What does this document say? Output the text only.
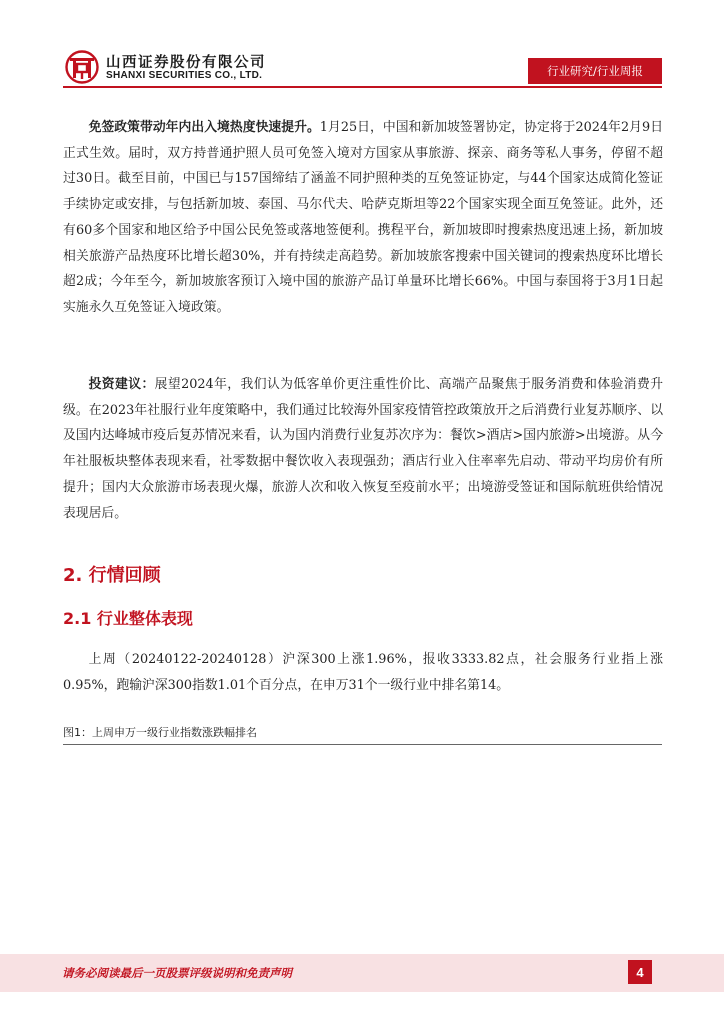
山西证券股份有限公司
SHANXI SECURITIES CO., LTD.	行业研究/行业周报
免签政策带动年内出入境热度快速提升。1月25日，中国和新加坡签署协定，协定将于2024年2月9日正式生效。届时，双方持普通护照人员可免签入境对方国家从事旅游、探亲、商务等私人事务，停留不超过30日。截至目前，中国已与157国缔结了涵盖不同护照种类的互免签证协定，与44个国家达成简化签证手续协定或安排，与包括新加坡、泰国、马尔代夫、哈萨克斯坦等22个国家实现全面互免签证。此外，还有60多个国家和地区给予中国公民免签或落地签便利。携程平台，新加坡即时搜索热度迅速上扬，新加坡相关旅游产品热度环比增长超30%，并有持续走高趋势。新加坡旅客搜索中国关键词的搜索热度环比增长超2成；今年至今，新加坡旅客预订入境中国的旅游产品订单量环比增长66%。中国与泰国将于3月1日起实施永久互免签证入境政策。
投资建议：展望2024年，我们认为低客单价更注重性价比、高端产品聚焦于服务消费和体验消费升级。在2023年社服行业年度策略中，我们通过比较海外国家疫情管控政策放开之后消费行业复苏顺序、以及国内达峰城市疫后复苏情况来看，认为国内消费行业复苏次序为：餐饮>酒店>国内旅游>出境游。从今年社服板块整体表现来看，社零数据中餐饮收入表现强劲；酒店行业入住率率先启动、带动平均房价有所提升；国内大众旅游市场表现火爆，旅游人次和收入恢复至疫前水平；出境游受签证和国际航班供给情况表现居后。
2. 行情回顾
2.1 行业整体表现
上周（20240122-20240128）沪深300上涨1.96%，报收3333.82点，社会服务行业指上涨0.95%，跑输沪深300指数1.01个百分点，在申万31个一级行业中排名第14。
图1：上周申万一级行业指数涨跌幅排名
请务必阅读最后一页股票评级说明和免责声明	4
